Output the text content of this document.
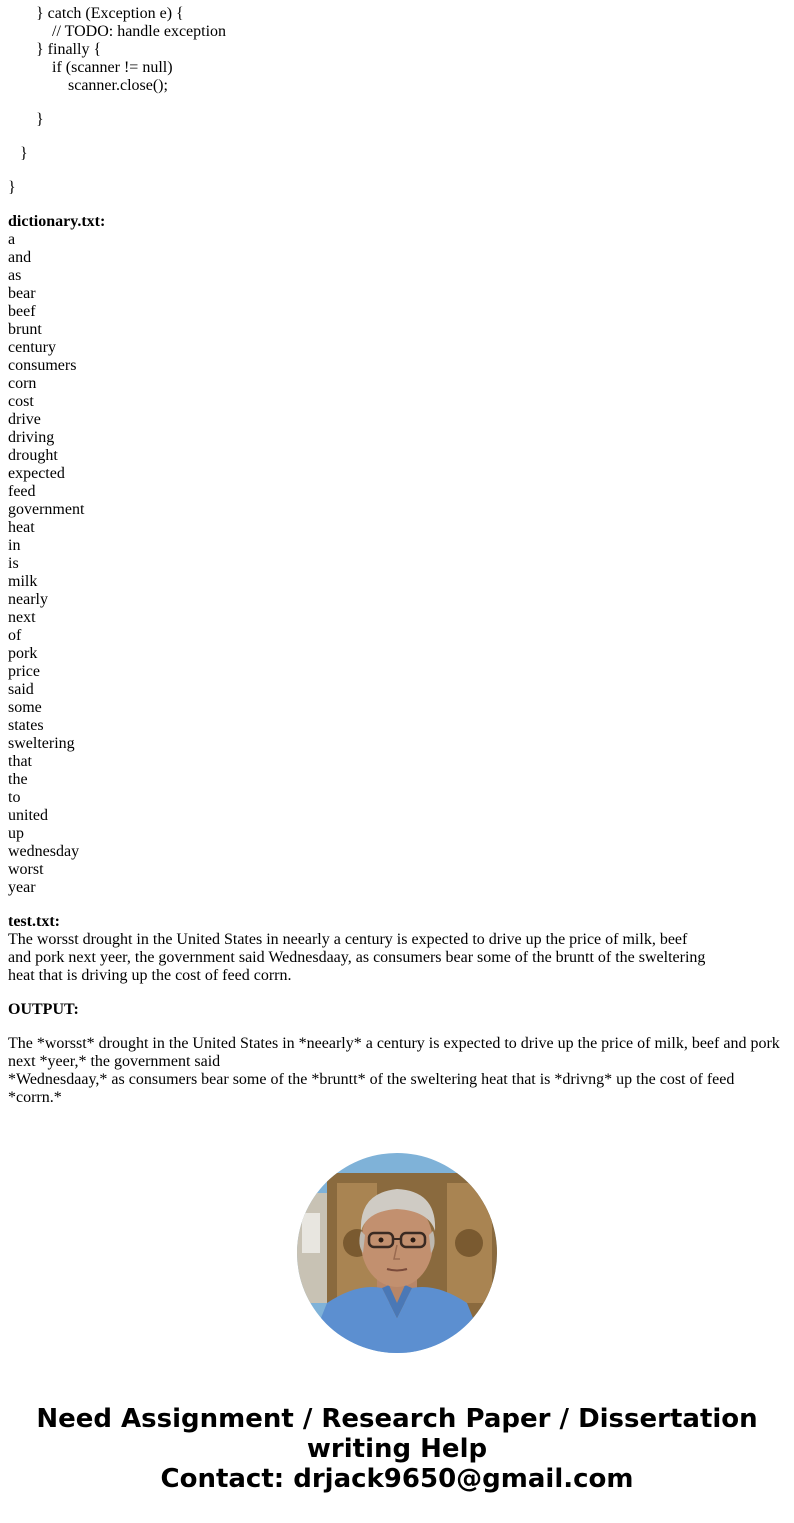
} catch (Exception e) {
// TODO: handle exception
} finally {
if (scanner != null)
scanner.close();
}
}
}
dictionary.txt:
a
and
as
bear
beef
brunt
century
consumers
corn
cost
drive
driving
drought
expected
feed
government
heat
in
is
milk
nearly
next
of
pork
price
said
some
states
sweltering
that
the
to
united
up
wednesday
worst
year
test.txt:
The worsst drought in the United States in neearly a century is expected to drive up the price of milk, beef
and pork next yeer, the government said Wednesdaay, as consumers bear some of the bruntt of the sweltering
heat that is driving up the cost of feed corrn.
OUTPUT:

The *worsst* drought in the United States in *neearly* a century is expected to drive up the price of milk, beef and pork next *yeer,* the government said

*Wednesdaay,* as consumers bear some of the *bruntt* of the sweltering heat that is *drivng* up the cost of feed *corrn.*

Need Assignment / Research Paper / Dissertation
writing Help
Contact: drjack9650@gmail.com
